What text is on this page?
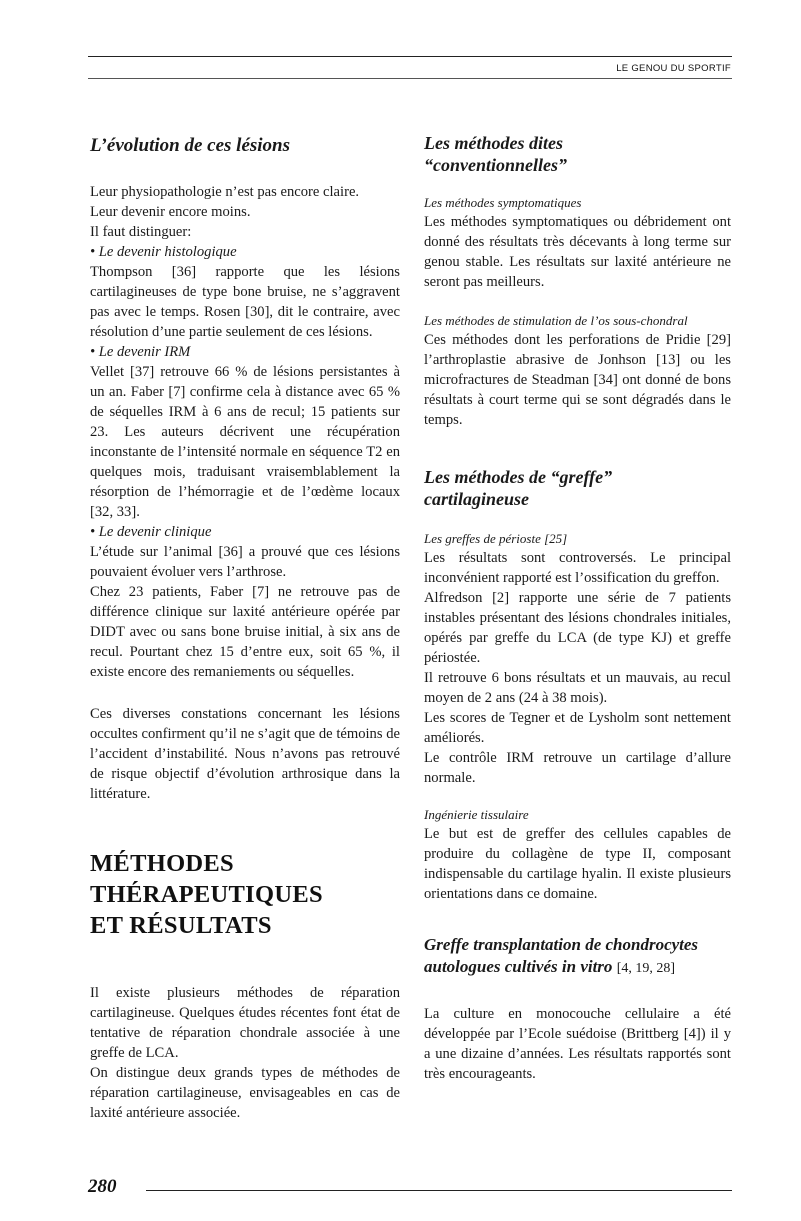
LE GENOU DU SPORTIF
L’évolution de ces lésions

Leur physiopathologie n’est pas encore claire.

Leur devenir encore moins.

Il faut distinguer:

• Le devenir histologique

Thompson [36] rapporte que les lésions cartilagineuses de type bone bruise, ne s’aggravent pas avec le temps. Rosen [30], dit le contraire, avec résolution d’une partie seulement de ces lésions.

• Le devenir IRM

Vellet [37] retrouve 66 % de lésions persistantes à un an. Faber [7] confirme cela à distance avec 65 % de séquelles IRM à 6 ans de recul; 15 patients sur 23. Les auteurs décrivent une récupération inconstante de l’intensité normale en séquence T2 en quelques mois, traduisant vraisemblablement la résorption de l’hémorragie et de l’œdème locaux [32, 33].

• Le devenir clinique

L’étude sur l’animal [36] a prouvé que ces lésions pouvaient évoluer vers l’arthrose.

Chez 23 patients, Faber [7] ne retrouve pas de différence clinique sur laxité antérieure opérée par DIDT avec ou sans bone bruise initial, à six ans de recul. Pourtant chez 15 d’entre eux, soit 65 %, il existe encore des remaniements ou séquelles.

Ces diverses constations concernant les lésions occultes confirment qu’il ne s’agit que de témoins de l’accident d’instabilité. Nous n’avons pas retrouvé de risque objectif d’évolution arthrosique dans la littérature.

MÉTHODES
THÉRAPEUTIQUES
ET RÉSULTATS

Il existe plusieurs méthodes de réparation cartilagineuse. Quelques études récentes font état de tentative de réparation chondrale associée à une greffe de LCA.

On distingue deux grands types de méthodes de réparation cartilagineuse, envisageables en cas de laxité antérieure associée.

Les méthodes dites
“conventionnelles”

Les méthodes symptomatiques

Les méthodes symptomatiques ou débridement ont donné des résultats très décevants à long terme sur genou stable. Les résultats sur laxité antérieure ne seront pas meilleurs.

Les méthodes de stimulation de l’os sous-chondral

Ces méthodes dont les perforations de Pridie [29] l’arthroplastie abrasive de Jonhson [13] ou les microfractures de Steadman [34] ont donné de bons résultats à court terme qui se sont dégradés dans le temps.

Les méthodes de “greffe”
cartilagineuse

Les greffes de périoste [25]

Les résultats sont controversés. Le principal inconvénient rapporté est l’ossification du greffon.

Alfredson [2] rapporte une série de 7 patients instables présentant des lésions chondrales initiales, opérés par greffe du LCA (de type KJ) et greffe périostée.

Il retrouve 6 bons résultats et un mauvais, au recul moyen de 2 ans (24 à 38 mois).

Les scores de Tegner et de Lysholm sont nettement améliorés.

Le contrôle IRM retrouve un cartilage d’allure normale.

Ingénierie tissulaire

Le but est de greffer des cellules capables de produire du collagène de type II, composant indispensable du cartilage hyalin. Il existe plusieurs orientations dans ce domaine.

Greffe transplantation de chondrocytes
autologues cultivés in vitro [4, 19, 28]

La culture en monocouche cellulaire a été développée par l’Ecole suédoise (Brittberg [4]) il y a une dizaine d’années. Les résultats rapportés sont très encourageants.

280
